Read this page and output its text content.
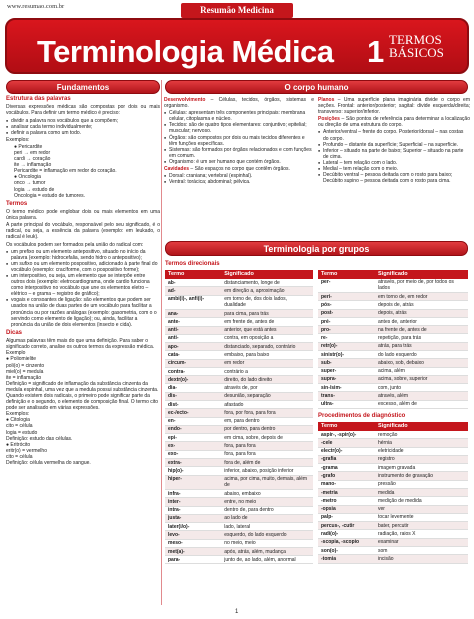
www.resumao.com.br	Resumão Medicina
Terminologia Médica 1 TERMOS
BÁSICOS
Fundamentos
Estrutura das palavras

Diversas expressões médicas são compostas por dois ou mais vocábulos. Para definir um termo médico é preciso:

■ dividir a palavra nos vocábulos que a compõem;
■ analisar cada termo individualmente;
■ definir a palavra como um todo.

Exemplos:

● Pericardite
peri → em redor
cardi → coração
ite → inflamação
Pericardite = inflamação em redor do coração.
● Oncologia
onco → tumor
logia → estudo de
Oncologia = estudo de tumores.
Termos

O termo médico pode englobar dois ou mais elementos em uma única palavra.

A parte principal do vocábulo, responsável pelo seu significado, é o radical, ou seja, a essência da palavra (exemplo: em leukado, o radical é leuk).

Os vocábulos podem ser formados pela união do radical com:

■ um prefixo ou um elemento antepositivo, situado no início da palavra (exemplo: hidrocefalia, sendo hidro o antepositivo);
■ um sufixo ou um elemento pospositivo, adicionado à parte final do vocábulo (exemplo: cracíforme, com o pospositivo forme);
■ um interpositivo, ou seja, um elemento que se interpõe entre outros dois (exemplo: eletrocardiograma, onde cardio funciona como interpositivo no vocábulo que une os elementos eletro – elétrico – e grama – registro de gráfico);
■ vogais e consoantes de ligação: são elementos que podem ser usados na união de duas partes de um vocábulo para facilitar a pronúncia ou por razões análogas (exemplo: gasometria, com o o servindo como elemento de ligação); ou, ainda, facilitar a pronúncia da união de dois elementos (insecto e cida).
Dicas
Algumas palavras têm mais do que uma definição. Para saber o significado correto, analise os outros termos da expressão médica.
Exemplo
● Poliomielite
poli(o) = cinzento
miel(o) = medula
ite = inflamação
Definição = significado de inflamação da substância cinzenta da medula espinhal, uma vez que a medula possui substância cinzenta.
Quando existem dois radicais, o primeiro pode significar parte da definição e o segundo, o elemento de composição final. O termo cito pode ser analisado em várias expressões.
Exemplos:
● Citologia
cito = célula
logia = estudo
Definição: estudo das células.
● Eritrócito
eritr(o) = vermelho
cito = célula
Definição: célula vermelha do sangue.
O corpo humano

Desenvolvimento – Células, tecidos, órgãos, sistemas e organismo.

■ Células: apresentam três componentes principais: membrana celular, citoplasma e núcleo.
■ Tecidos: são de quatro tipos elementares: conjuntivo; epitelial; muscular; nervoso.
■ Órgãos: são compostos por dois ou mais tecidos diferentes e têm funções específicas.
■ Sistemas: são formados por órgãos relacionados e com funções em comum.
■ Organismo: é um ser humano que contém órgãos.

Cavidades – São espaços no corpo que contêm órgãos.

■ Dorsal: craniana; vertebral (espinhal).
■ Ventral: torácica; abdominal; pélvica.

Planos – Uma superfície plana imaginária divide o corpo em seções. Frontal: anterior/posterior; sagital: divide esquerda/direita; transverso: superior/inferior.

Posições – São pontos de referência para determinar a localização ou direção de uma estrutura do corpo.

■ Anterior/ventral – frente do corpo. Posterior/dorsal – nas costas do corpo.
■ Profundo – distante da superfície; Superficial – na superfície.
■ Inferior – situado na parte de baixo; Superior – situado na parte de cima.
■ Lateral – tem relação com o lado.
■ Medial – tem relação com o meio.
■ Decúbito ventral – pessoa deitada com o rosto para baixo; Decúbito supino – pessoa deitada com o rosto para cima.
Terminologia por grupos
Termos direcionais
Termo	Significado
ab-	distanciamento, longe de
ad-	em direção a, aproximação
ambi(i)-, anfi(i)-	em torno de, dos dois lados, dualidade
ana-	para cima, para trás
ante-	em frente de, antes de
anti-	anterior, que está antes
anti-	contra, em oposição a
apo-	distanciado, separado, contrário
cata-	embaixo, para baixo
circum-	em redor
contra-	contrário a
dextr(o)-	direito, do lado direito
dia-	através de, por
dis-	desunião, separação
dist-	afastado
ec-/ecto-	fora, por fora, para fora
en-	em, para dentro
endo-	por dentro, para dentro
epi-	em cima, sobre, depois de
ex-	fora, para fora
exo-	fora, para fora
extra-	fora de, além de
hip(o)-	inferior, abaixo, posição inferior
hiper-	acima, por cima, muito, demais, além de
infra-	abaixo, embaixo
inter-	entre, no meio
intra-	dentro de, para dentro
justa-	ao lado de
later(i/o)-	lado, lateral
levo-	esquerdo, do lado esquerdo
meso-	no meio, meio
met(a)-	após, atrás, além, mudança
para-	junto de, ao lado, além, anormal
Termo	Significado
per-	através, por meio de, por todos os lados
peri-	em torno de, em redor
pós-	depois de, atrás
post-	depois, atrás
pré-	antes de, anterior
pro-	na frente de, antes de
re-	repetição, para trás
retr(o)-	atrás, para trás
sinistr(o)-	do lado esquerdo
sub-	abaixo, sob, debaixo
super-	acima, além
supra-	acima, sobre, superior
sin-/sim-	com, junto
trans-	através, além
ultra-	excesso, além de
Procedimentos de diagnóstico
Termo	Significado
aspir-, -spir(o)-	remoção
-cele	hérnia
electr(o)-	eletricidade
-grafia	registro
-grama	imagem gravada
-grafo	instrumento de gravação
mano-	pressão
-metria	medida
-metro	medição de medida
-opsia	ver
palp-	tocar levemente
percus-, -cutir	bater, percutir
radi(o)-	radiação, raios X
-scopia, -scopio	examinar
son(o)-	som
-tomia	incisão
1
